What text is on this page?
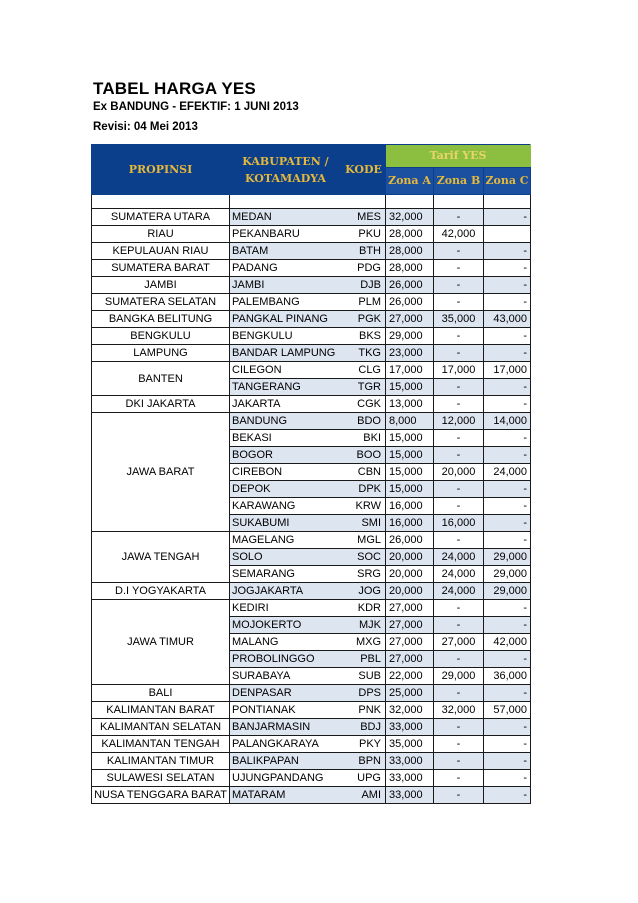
TABEL HARGA YES
Ex BANDUNG - EFEKTIF: 1 JUNI 2013
Revisi: 04 Mei 2013
PROPINSI	KABUPATEN / KOTAMADYA	KODE	Tarif YES		
			Zona A	Zona B	Zona C

SUMATERA UTARA	MEDAN	MES	32,000	-	-
RIAU	PEKANBARU	PKU	28,000	42,000	
KEPULAUAN RIAU	BATAM	BTH	28,000	-	-
SUMATERA BARAT	PADANG	PDG	28,000	-	-
JAMBI	JAMBI	DJB	26,000	-	-
SUMATERA SELATAN	PALEMBANG	PLM	26,000	-	-
BANGKA BELITUNG	PANGKAL PINANG	PGK	27,000	35,000	43,000
BENGKULU	BENGKULU	BKS	29,000	-	-
LAMPUNG	BANDAR LAMPUNG	TKG	23,000	-	-
BANTEN	CILEGON	CLG	17,000	17,000	17,000
	TANGERANG	TGR	15,000	-	-
DKI JAKARTA	JAKARTA	CGK	13,000	-	-
JAWA BARAT	BANDUNG	BDO	8,000	12,000	14,000
	BEKASI	BKI	15,000	-	-
	BOGOR	BOO	15,000	-	-
	CIREBON	CBN	15,000	20,000	24,000
	DEPOK	DPK	15,000	-	-
	KARAWANG	KRW	16,000	-	-
	SUKABUMI	SMI	16,000	16,000	-
JAWA TENGAH	MAGELANG	MGL	26,000	-	-
	SOLO	SOC	20,000	24,000	29,000
	SEMARANG	SRG	20,000	24,000	29,000
D.I YOGYAKARTA	JOGJAKARTA	JOG	20,000	24,000	29,000
JAWA TIMUR	KEDIRI	KDR	27,000	-	-
	MOJOKERTO	MJK	27,000	-	-
	MALANG	MXG	27,000	27,000	42,000
	PROBOLINGGO	PBL	27,000	-	-
	SURABAYA	SUB	22,000	29,000	36,000
BALI	DENPASAR	DPS	25,000	-	-
KALIMANTAN BARAT	PONTIANAK	PNK	32,000	32,000	57,000
KALIMANTAN SELATAN	BANJARMASIN	BDJ	33,000	-	-
KALIMANTAN TENGAH	PALANGKARAYA	PKY	35,000	-	-
KALIMANTAN TIMUR	BALIKPAPAN	BPN	33,000	-	-
SULAWESI SELATAN	UJUNGPANDANG	UPG	33,000	-	-
NUSA TENGGARA BARAT	MATARAM	AMI	33,000	-	-
